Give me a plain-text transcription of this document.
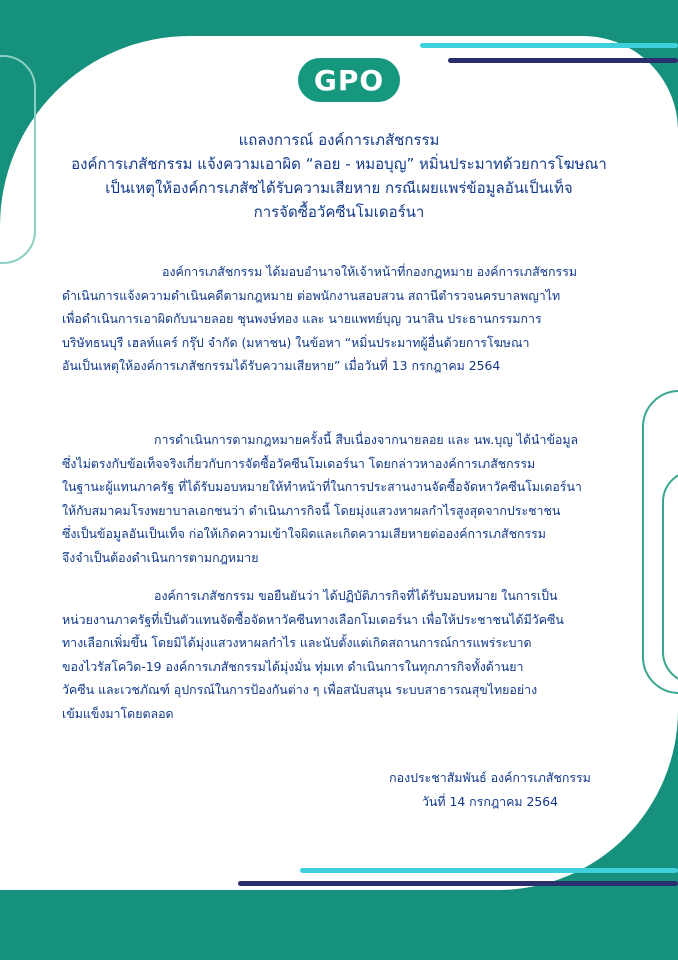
GPO
แถลงการณ์ องค์การเภสัชกรรม
องค์การเภสัชกรรม แจ้งความเอาผิด “ลอย - หมอบุญ” หมิ่นประมาทด้วยการโฆษณา
เป็นเหตุให้องค์การเภสัชได้รับความเสียหาย กรณีเผยแพร่ข้อมูลอันเป็นเท็จ
การจัดซื้อวัคซีนโมเดอร์นา
องค์การเภสัชกรรม ได้มอบอำนาจให้เจ้าหน้าที่กองกฎหมาย องค์การเภสัชกรรม
ดำเนินการแจ้งความดำเนินคดีตามกฎหมาย ต่อพนักงานสอบสวน สถานีตำรวจนครบาลพญาไท
เพื่อดำเนินการเอาผิดกับนายลอย ชุนพงษ์ทอง และ นายแพทย์บุญ วนาสิน ประธานกรรมการ
บริษัทธนบุรี เฮลท์แคร์ กรุ๊ป จำกัด (มหาชน) ในข้อหา “หมิ่นประมาทผู้อื่นด้วยการโฆษณา
อันเป็นเหตุให้องค์การเภสัชกรรมได้รับความเสียหาย” เมื่อวันที่ 13 กรกฎาคม 2564
การดำเนินการตามกฎหมายครั้งนี้ สืบเนื่องจากนายลอย และ นพ.บุญ ได้นำข้อมูล
ซึ่งไม่ตรงกับข้อเท็จจริงเกี่ยวกับการจัดซื้อวัคซีนโมเดอร์นา โดยกล่าวหาองค์การเภสัชกรรม
ในฐานะผู้แทนภาครัฐ ที่ได้รับมอบหมายให้ทำหน้าที่ในการประสานงานจัดซื้อจัดหาวัคซีนโมเดอร์นา
ให้กับสมาคมโรงพยาบาลเอกชนว่า ดำเนินภารกิจนี้ โดยมุ่งแสวงหาผลกำไรสูงสุดจากประชาชน
ซึ่งเป็นข้อมูลอันเป็นเท็จ ก่อให้เกิดความเข้าใจผิดและเกิดความเสียหายต่อองค์การเภสัชกรรม
จึงจำเป็นต้องดำเนินการตามกฎหมาย
องค์การเภสัชกรรม ขอยืนยันว่า ได้ปฏิบัติภารกิจที่ได้รับมอบหมาย ในการเป็น
หน่วยงานภาครัฐที่เป็นตัวแทนจัดซื้อจัดหาวัคซีนทางเลือกโมเดอร์นา เพื่อให้ประชาชนได้มีวัคซีน
ทางเลือกเพิ่มขึ้น โดยมิได้มุ่งแสวงหาผลกำไร และนับตั้งแต่เกิดสถานการณ์การแพร่ระบาด
ของไวรัสโควิด-19 องค์การเภสัชกรรมได้มุ่งมั่น ทุ่มเท ดำเนินการในทุกภารกิจทั้งด้านยา
วัคซีน และเวชภัณฑ์ อุปกรณ์ในการป้องกันต่าง ๆ เพื่อสนับสนุน ระบบสาธารณสุขไทยอย่าง
เข้มแข็งมาโดยตลอด
กองประชาสัมพันธ์ องค์การเภสัชกรรม
วันที่ 14 กรกฎาคม 2564
